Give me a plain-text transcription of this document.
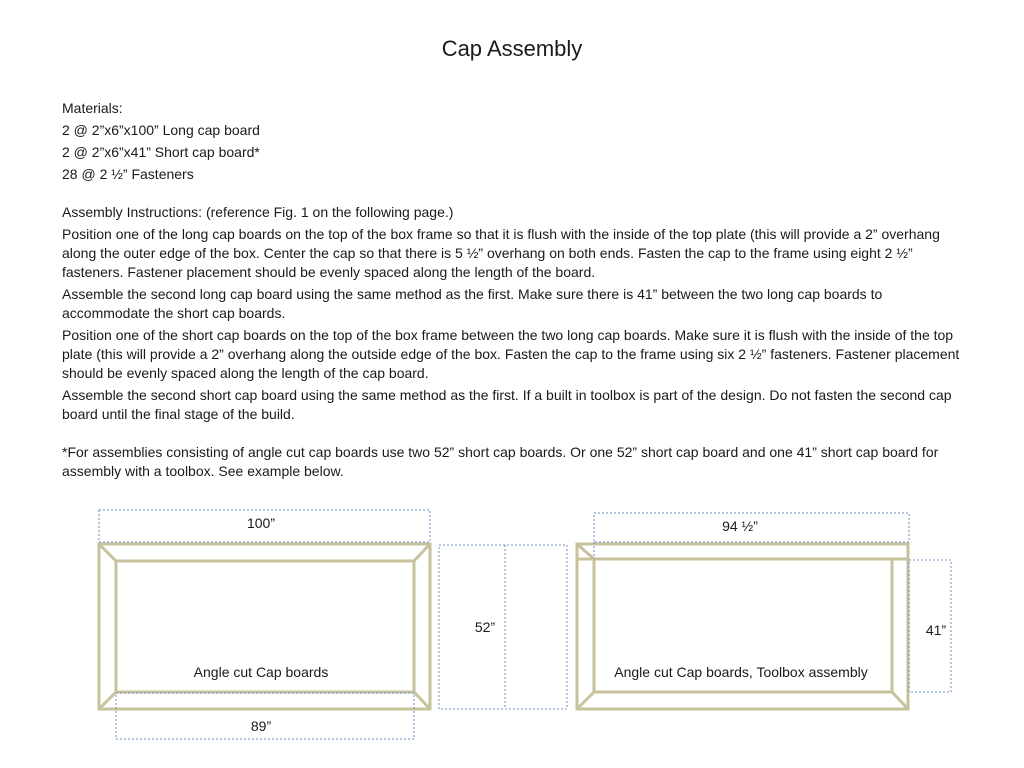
Cap Assembly

Materials:

2 @ 2”x6”x100” Long cap board

2 @ 2”x6”x41” Short cap board*

28 @ 2 ½” Fasteners

Assembly Instructions: (reference Fig. 1 on the following page.)

Position one of the long cap boards on the top of the box frame so that it is flush with the inside of the top plate (this will provide a 2” overhang along the outer edge of the box. Center the cap so that there is 5 ½” overhang on both ends. Fasten the cap to the frame using eight 2 ½” fasteners. Fastener placement should be evenly spaced along the length of the board.

Assemble the second long cap board using the same method as the first. Make sure there is 41” between the two long cap boards to accommodate the short cap boards.

Position one of the short cap boards on the top of the box frame between the two long cap boards. Make sure it is flush with the inside of the top plate (this will provide a 2” overhang along the outside edge of the box. Fasten the cap to the frame using six 2 ½” fasteners. Fastener placement should be evenly spaced along the length of the cap board.

Assemble the second short cap board using the same method as the first. If a built in toolbox is part of the design. Do not fasten the second cap board until the final stage of the build.

*For assemblies consisting of angle cut cap boards use two 52” short cap boards. Or one 52” short cap board and one 41” short cap board for assembly with a toolbox. See example below.

100”
89”
52”
Angle cut Cap boards
94 ½”
41”
Angle cut Cap boards, Toolbox assembly
